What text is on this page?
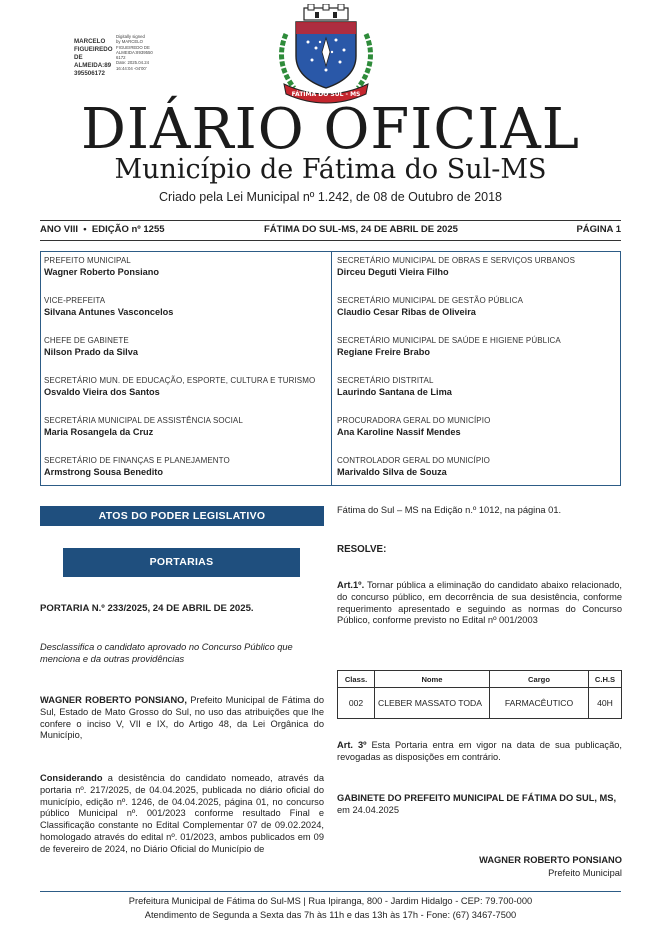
MARCELO
FIGUEIREDO
DE
ALMEIDA:89
395506172
Digitally signed
by MARCELO
FIGUEIREDO DE
ALMEIDA:8939550
6172
Date: 2025.04.24
16:44:04 -04'00'
FÁTIMA DO SUL - MS
DIÁRIO OFICIAL
Município de Fátima do Sul-MS
Criado pela Lei Municipal nº 1.242, de 08 de Outubro de 2018
ANO VIII  •  EDIÇÃO nº 1255	FÁTIMA DO SUL-MS, 24 DE ABRIL DE 2025	PÁGINA 1
PREFEITO MUNICIPAL
Wagner Roberto Ponsiano
VICE-PREFEITA
Silvana Antunes Vasconcelos
CHEFE DE GABINETE
Nilson Prado da Silva
SECRETÁRIO MUN. DE EDUCAÇÃO, ESPORTE, CULTURA E TURISMO
Osvaldo Vieira dos Santos
SECRETÁRIA MUNICIPAL DE ASSISTÊNCIA SOCIAL
Maria Rosangela da Cruz
SECRETÁRIO DE FINANÇAS E PLANEJAMENTO
Armstrong Sousa Benedito
SECRETÁRIO MUNICIPAL DE OBRAS E SERVIÇOS URBANOS
Dirceu Deguti Vieira Filho
SECRETÁRIO MUNICIPAL DE GESTÃO PÚBLICA
Claudio Cesar Ribas de Oliveira
SECRETÁRIO MUNICIPAL DE SAÚDE E HIGIENE PÚBLICA
Regiane Freire Brabo
SECRETÁRIO DISTRITAL
Laurindo Santana de Lima
PROCURADORA GERAL DO MUNICÍPIO
Ana Karoline Nassif Mendes
CONTROLADOR GERAL DO MUNICÍPIO
Marivaldo Silva de Souza
ATOS DO PODER LEGISLATIVO
PORTARIAS
PORTARIA N.º 233/2025, 24 DE ABRIL DE 2025.
Desclassifica o candidato aprovado no Concurso Público que menciona e da outras providências

WAGNER ROBERTO PONSIANO, Prefeito Municipal de Fátima do Sul, Estado de Mato Grosso do Sul, no uso das atribuições que lhe confere o inciso V, VII e IX, do Artigo 48, da Lei Orgânica do Município,

Considerando a desistência do candidato nomeado, através da portaria nº. 217/2025, de 04.04.2025, publicada no diário oficial do município, edição nº. 1246, de 04.04.2025, página 01, no concurso público Municipal nº. 001/2023 conforme resultado Final e Classificação constante no Edital Complementar 07 de 09.02.2024, homologado através do edital nº. 01/2023, ambos publicados em 09 de fevereiro de 2024, no Diário Oficial do Município de

Fátima do Sul – MS na Edição n.º 1012, na página 01.
RESOLVE:
Art.1º. Tornar pública a eliminação do candidato abaixo relacionado, do concurso público, em decorrência de sua desistência, conforme requerimento apresentado e seguindo as normas do Concurso Público, conforme previsto no Edital nº 001/2003
Class.	Nome	Cargo	C.H.S
002	CLEBER MASSATO TODA	FARMACÊUTICO	40H
Art. 3º Esta Portaria entra em vigor na data de sua publicação, revogadas as disposições em contrário.
GABINETE DO PREFEITO MUNICIPAL DE FÁTIMA DO SUL, MS, em 24.04.2025
WAGNER ROBERTO PONSIANO
Prefeito Municipal
Prefeitura Municipal de Fátima do Sul-MS | Rua Ipiranga, 800 - Jardim Hidalgo - CEP: 79.700-000
Atendimento de Segunda a Sexta das 7h às 11h e das 13h às 17h - Fone: (67) 3467-7500
